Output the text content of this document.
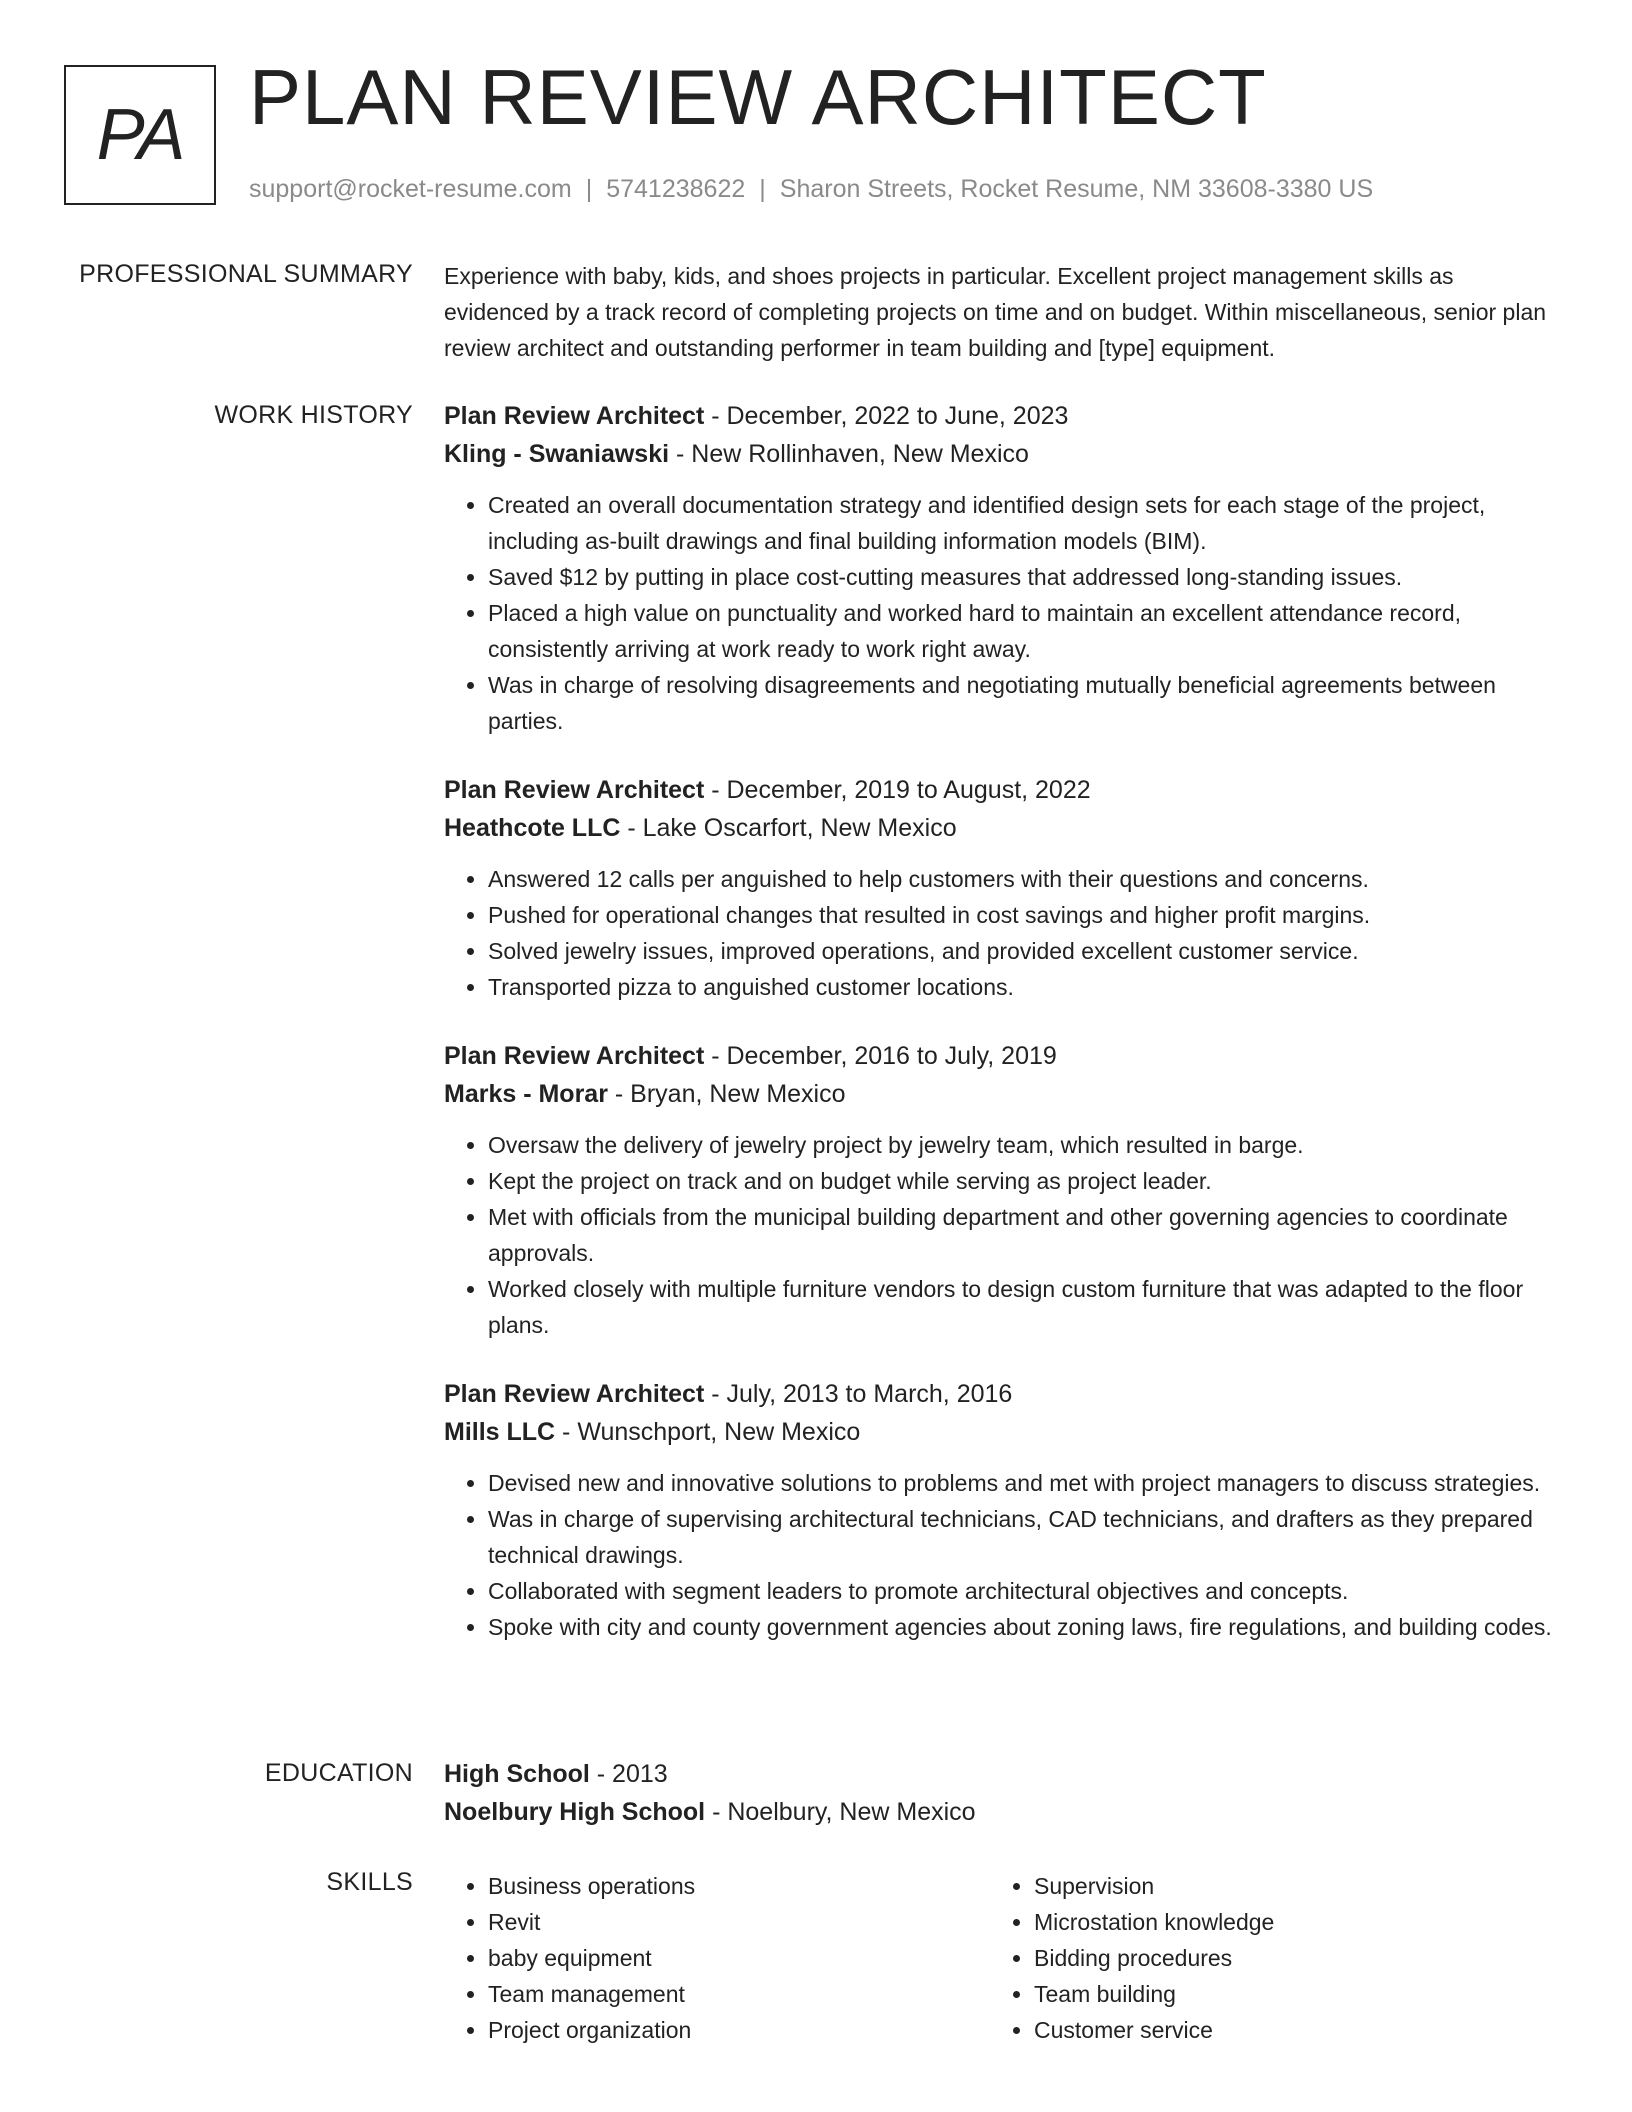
PA PLAN REVIEW ARCHITECT
support@rocket-resume.com | 5741238622 | Sharon Streets, Rocket Resume, NM 33608-3380 US
PROFESSIONAL SUMMARY Experience with baby, kids, and shoes projects in particular. Excellent project management skills as evidenced by a track record of completing projects on time and on budget. Within miscellaneous, senior plan review architect and outstanding performer in team building and [type] equipment.
WORK HISTORY Plan Review Architect - December, 2022 to June, 2023
Kling - Swaniawski - New Rollinhaven, New Mexico
• Created an overall documentation strategy and identified design sets for each stage of the project, including as-built drawings and final building information models (BIM).
• Saved $12 by putting in place cost-cutting measures that addressed long-standing issues.
• Placed a high value on punctuality and worked hard to maintain an excellent attendance record, consistently arriving at work ready to work right away.
• Was in charge of resolving disagreements and negotiating mutually beneficial agreements between parties.
Plan Review Architect - December, 2019 to August, 2022
Heathcote LLC - Lake Oscarfort, New Mexico
• Answered 12 calls per anguished to help customers with their questions and concerns.
• Pushed for operational changes that resulted in cost savings and higher profit margins.
• Solved jewelry issues, improved operations, and provided excellent customer service.
• Transported pizza to anguished customer locations.
Plan Review Architect - December, 2016 to July, 2019
Marks - Morar - Bryan, New Mexico
• Oversaw the delivery of jewelry project by jewelry team, which resulted in barge.
• Kept the project on track and on budget while serving as project leader.
• Met with officials from the municipal building department and other governing agencies to coordinate approvals.
• Worked closely with multiple furniture vendors to design custom furniture that was adapted to the floor plans.
Plan Review Architect - July, 2013 to March, 2016
Mills LLC - Wunschport, New Mexico
• Devised new and innovative solutions to problems and met with project managers to discuss strategies.
• Was in charge of supervising architectural technicians, CAD technicians, and drafters as they prepared technical drawings.
• Collaborated with segment leaders to promote architectural objectives and concepts.
• Spoke with city and county government agencies about zoning laws, fire regulations, and building codes.
EDUCATION High School - 2013
Noelbury High School - Noelbury, New Mexico
SKILLS
•	Business operations
• Revit
• baby equipment
• Team management
• Project organization
• Supervision
• Microstation knowledge
• Bidding procedures
• Team building
• Customer service
